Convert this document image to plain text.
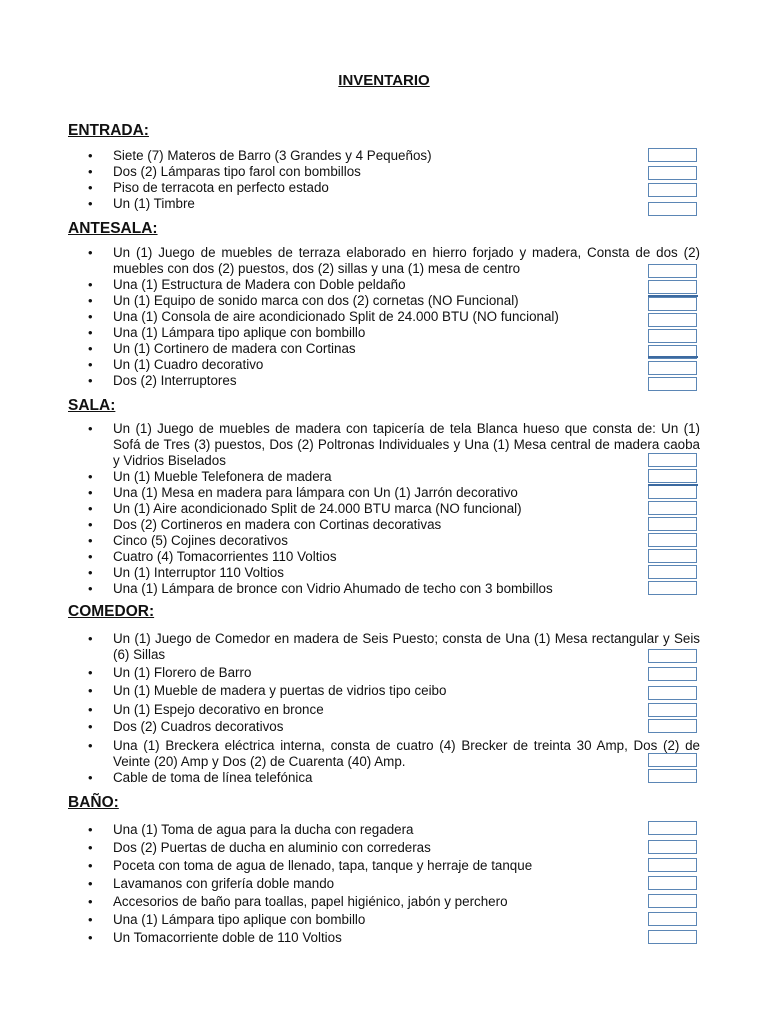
INVENTARIO
ENTRADA:
• Siete (7) Materos de Barro (3 Grandes y 4 Pequeños)
• Dos (2) Lámparas tipo farol con bombillos
• Piso de terracota en perfecto estado
• Un (1) Timbre
ANTESALA:
• Un (1) Juego de muebles de terraza elaborado en hierro forjado y madera, Consta de dos (2) muebles con dos (2) puestos, dos (2) sillas y una (1) mesa de centro
• Una (1) Estructura de Madera con Doble peldaño
• Un (1) Equipo de sonido marca con dos (2) cornetas (NO Funcional)
• Una (1) Consola de aire acondicionado Split de 24.000 BTU (NO funcional)
• Una (1) Lámpara tipo aplique con bombillo
• Un (1) Cortinero de madera con Cortinas
• Un (1) Cuadro decorativo
• Dos (2) Interruptores
SALA:
• Un (1) Juego de muebles de madera con tapicería de tela Blanca hueso que consta de: Un (1) Sofá de Tres (3) puestos, Dos (2) Poltronas Individuales y Una (1) Mesa central de madera caoba y Vidrios Biselados
• Un (1) Mueble Telefonera de madera
• Una (1) Mesa en madera para lámpara con Un (1) Jarrón decorativo
• Un (1) Aire acondicionado Split de 24.000 BTU marca (NO funcional)
• Dos (2) Cortineros en madera con Cortinas decorativas
• Cinco (5) Cojines decorativos
• Cuatro (4) Tomacorrientes 110 Voltios
• Un (1) Interruptor 110 Voltios
• Una (1) Lámpara de bronce con Vidrio Ahumado de techo con 3 bombillos
COMEDOR:
• Un (1) Juego de Comedor en madera de Seis Puesto; consta de Una (1) Mesa rectangular y Seis (6) Sillas
• Un (1) Florero de Barro
• Un (1) Mueble de madera y puertas de vidrios tipo ceibo
• Un (1) Espejo decorativo en bronce
• Dos (2) Cuadros decorativos
• Una (1) Breckera eléctrica interna, consta de cuatro (4) Brecker de treinta 30 Amp, Dos (2) de Veinte (20) Amp y Dos (2) de Cuarenta (40) Amp.
• Cable de toma de línea telefónica
BAÑO:
• Una (1) Toma de agua para la ducha con regadera
• Dos (2) Puertas de ducha en aluminio con correderas
• Poceta con toma de agua de llenado, tapa, tanque y herraje de tanque
• Lavamanos con grifería doble mando
• Accesorios de baño para toallas, papel higiénico, jabón y perchero
• Una (1) Lámpara tipo aplique con bombillo
• Un Tomacorriente doble de 110 Voltios
